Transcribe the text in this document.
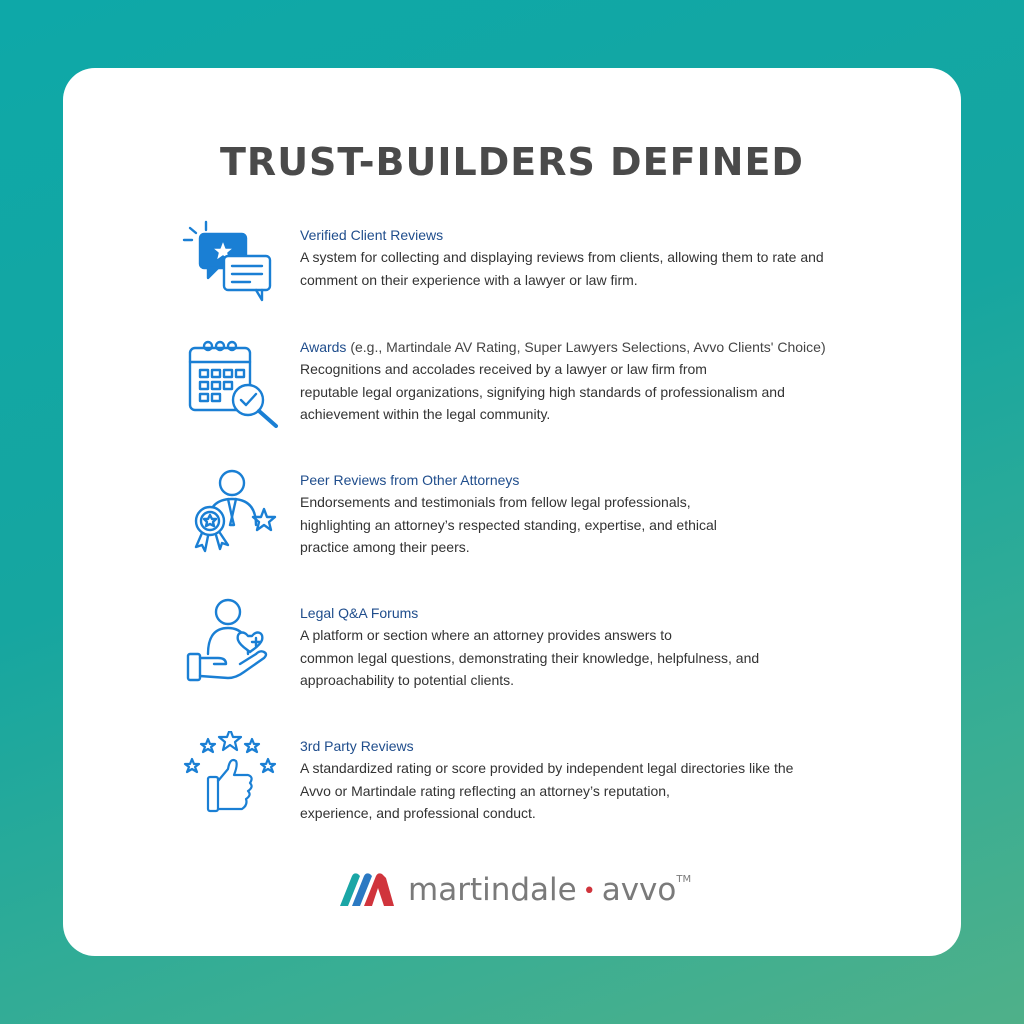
TRUST-BUILDERS DEFINED
Verified Client Reviews
A system for collecting and displaying reviews from clients, allowing them to rate and
comment on their experience with a lawyer or law firm.
Awards (e.g., Martindale AV Rating, Super Lawyers Selections, Avvo Clients' Choice)
Recognitions and accolades received by a lawyer or law firm from
reputable legal organizations, signifying high standards of professionalism and
achievement within the legal community.
Peer Reviews from Other Attorneys
Endorsements and testimonials from fellow legal professionals,
highlighting an attorney’s respected standing, expertise, and ethical
practice among their peers.
Legal Q&A Forums
A platform or section where an attorney provides answers to
common legal questions, demonstrating their knowledge, helpfulness, and
approachability to potential clients.
3rd Party Reviews
A standardized rating or score provided by independent legal directories like the
Avvo or Martindale rating reflecting an attorney’s reputation,
experience, and professional conduct.
martindale • avvo™
